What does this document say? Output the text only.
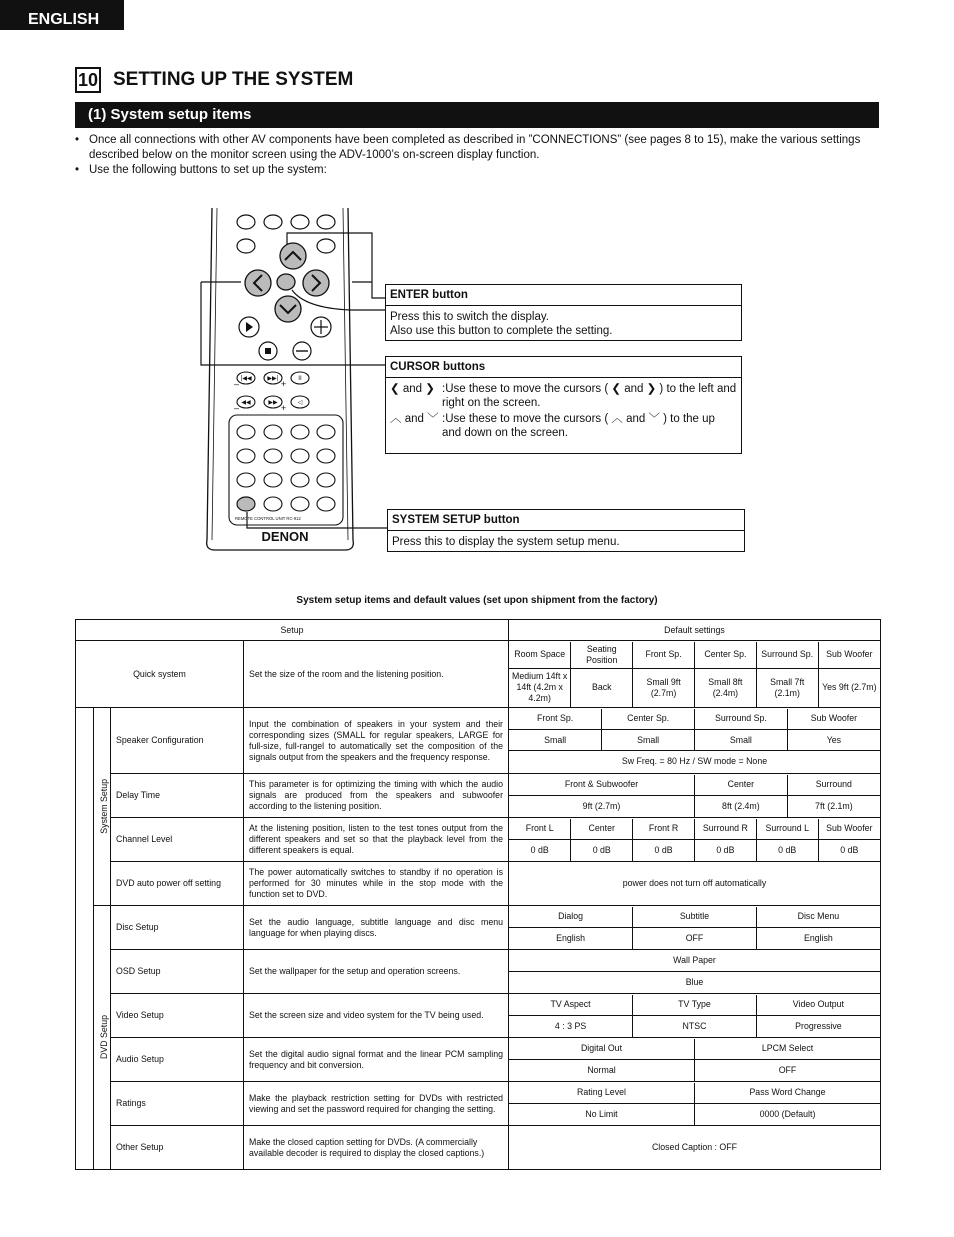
ENGLISH
10 SETTING UP THE SYSTEM
(1) System setup items
• Once all connections with other AV components have been completed as described in ”CONNECTIONS” (see pages 8 to 15), make the various settings described below on the monitor screen using the ADV-1000’s on-screen display function.
• Use the following buttons to set up the system:
|◀◀	▶▶|	II
◀◀	▶▶	◁
–	+
–	+
REMOTE CONTROL UNIT RC-912
DENON
ENTER button
Press this to switch the display.
Also use this button to complete the setting.
CURSOR buttons
❮ and ❯ :Use these to move the cursors ( ❮ and ❯ ) to the left and right on the screen.
︿ and ﹀ :Use these to move the cursors ( ︿ and ﹀ ) to the up and down on the screen.
SYSTEM SETUP button
Press this to display the system setup menu.
System setup items and default values (set upon shipment from the factory)
Setup	Default settings
Quick system	Set the size of the room and the listening position.	
Room Space	Seating Position	Front Sp.	Center Sp.	Surround Sp.	Sub Woofer
Medium 14ft x 14ft (4.2m x 4.2m)	Back	Small 9ft (2.7m)	Small 8ft (2.4m)	Small 7ft (2.1m)	Yes 9ft (2.7m)

System Setup
	Speaker Configuration	Input the combination of speakers in your system and their corresponding sizes (SMALL for regular speakers, LARGE for full-size, full-rangel to automatically set the composition of the signals output from the speakers and the frequency response.	
Front Sp.	Center Sp.	Surround Sp.	Sub Woofer
Small	Small	Small	Yes
Sw Freq. = 80 Hz / SW mode = None

Delay Time	This parameter is for optimizing the timing with which the audio signals are produced from the speakers and subwoofer according to the listening position.	
Front & Subwoofer	Center	Surround
9ft (2.7m)	8ft (2.4m)	7ft (2.1m)

Channel Level	At the listening position, listen to the test tones output from the different speakers and set so that the playback level from the different speakers is equal.	
Front L	Center	Front R	Surround R	Surround L	Sub Woofer
0 dB	0 dB	0 dB	0 dB	0 dB	0 dB

DVD auto power off setting	The power automatically switches to standby if no operation is performed for 30 minutes while in the stop mode with the function set to DVD.	power does not turn off automatically

DVD Setup
	Disc Setup	Set the audio language, subtitle language and disc menu language for when playing discs.	
Dialog	Subtitle	Disc Menu
English	OFF	English

OSD Setup	Set the wallpaper for the setup and operation screens.	
Wall Paper
Blue

Video Setup	Set the screen size and video system for the TV being used.	
TV Aspect	TV Type	Video Output
4 : 3 PS	NTSC	Progressive

Audio Setup	Set the digital audio signal format and the linear PCM sampling frequency and bit conversion.	
Digital Out	LPCM Select
Normal	OFF

Ratings	Make the playback restriction setting for DVDs with restricted viewing and set the password required for changing the setting.	
Rating Level	Pass Word Change
No Limit	0000 (Default)

Other Setup	Make the closed caption setting for DVDs. (A commercially available decoder is required to display the closed captions.)	Closed Caption : OFF
